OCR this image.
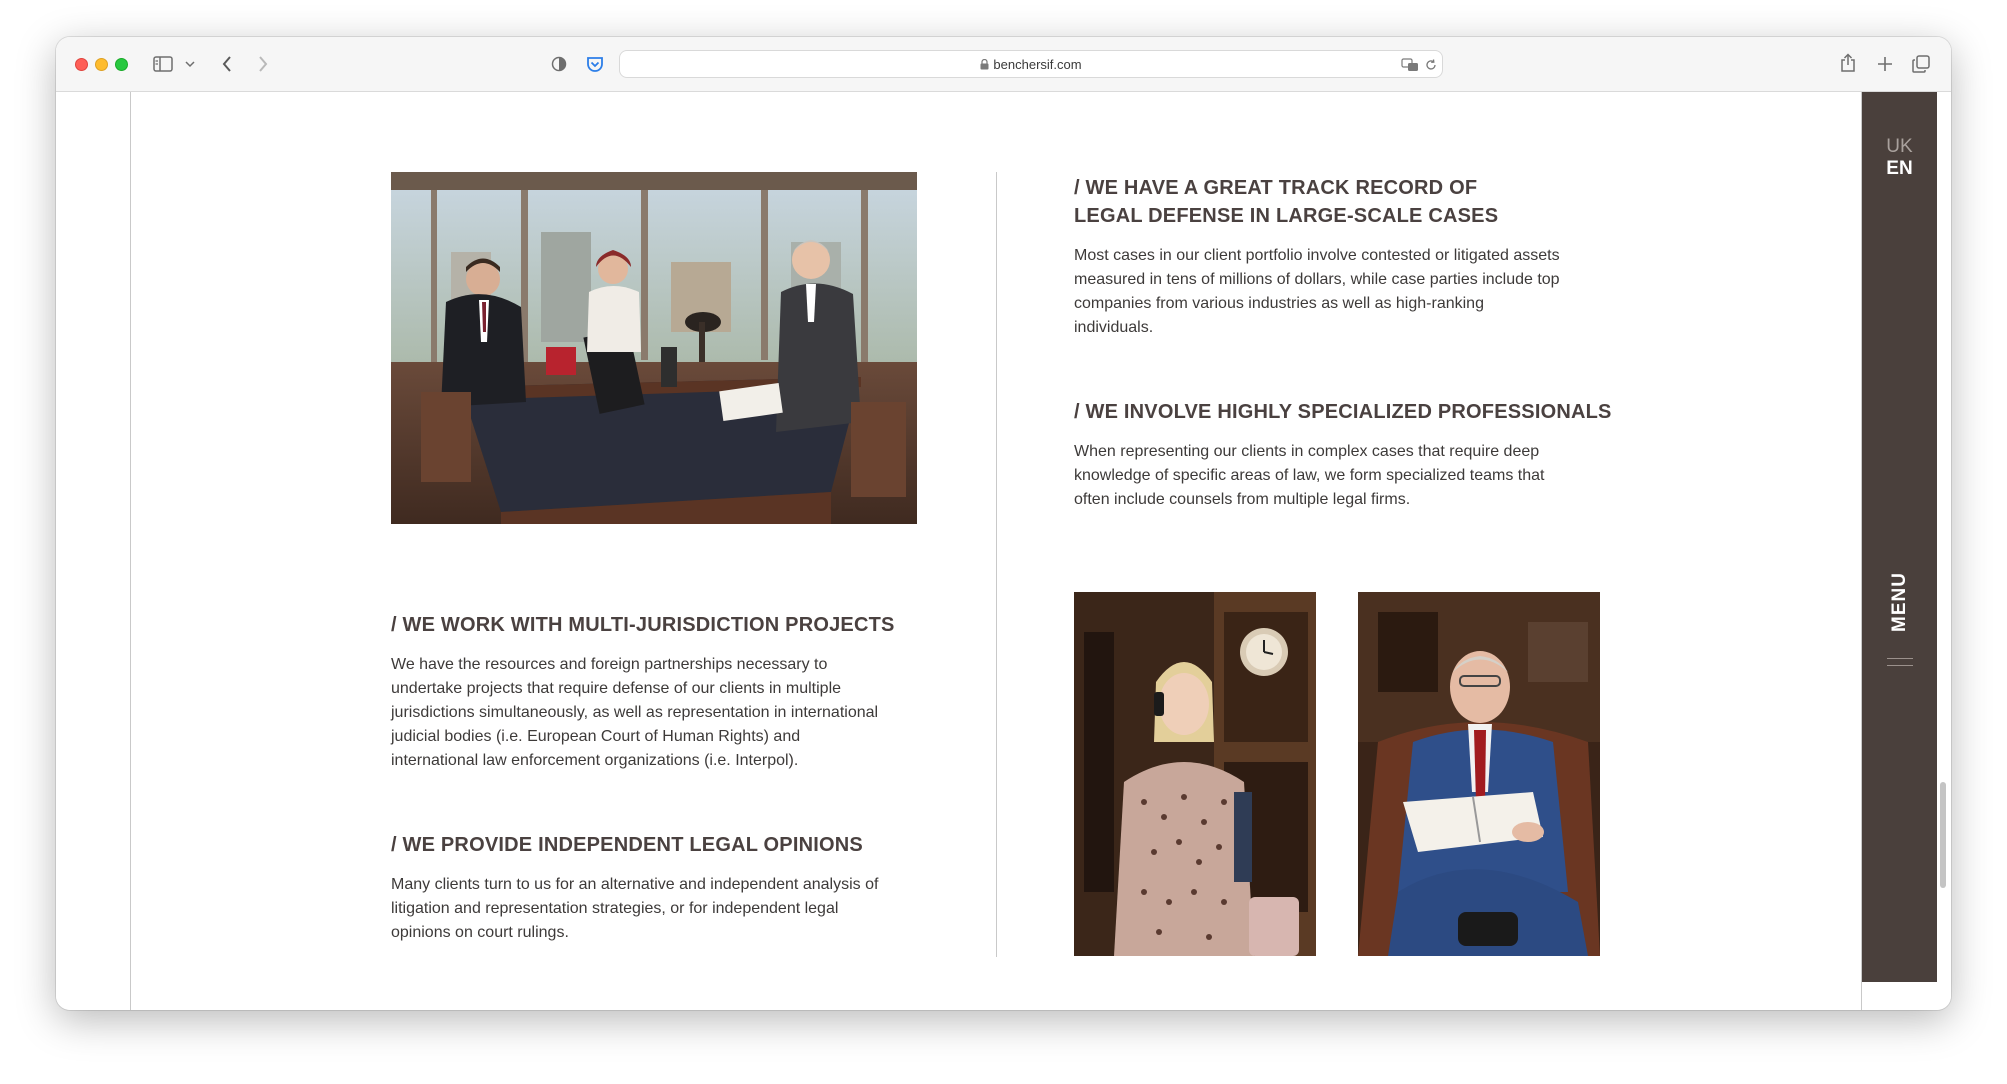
benchersif.com
/ WE HAVE A GREAT TRACK RECORD OF
LEGAL DEFENSE IN LARGE-SCALE CASES

Most cases in our client portfolio involve contested or litigated assets
measured in tens of millions of dollars, while case parties include top
companies from various industries as well as high-ranking
individuals.

/ WE INVOLVE HIGHLY SPECIALIZED PROFESSIONALS

When representing our clients in complex cases that require deep
knowledge of specific areas of law, we form specialized teams that
often include counsels from multiple legal firms.

/ WE WORK WITH MULTI-JURISDICTION PROJECTS

We have the resources and foreign partnerships necessary to
undertake projects that require defense of our clients in multiple
jurisdictions simultaneously, as well as representation in international
judicial bodies (i.e. European Court of Human Rights) and
international law enforcement organizations (i.e. Interpol).

/ WE PROVIDE INDEPENDENT LEGAL OPINIONS

Many clients turn to us for an alternative and independent analysis of
litigation and representation strategies, or for independent legal
opinions on court rulings.

UK
EN
MENU
